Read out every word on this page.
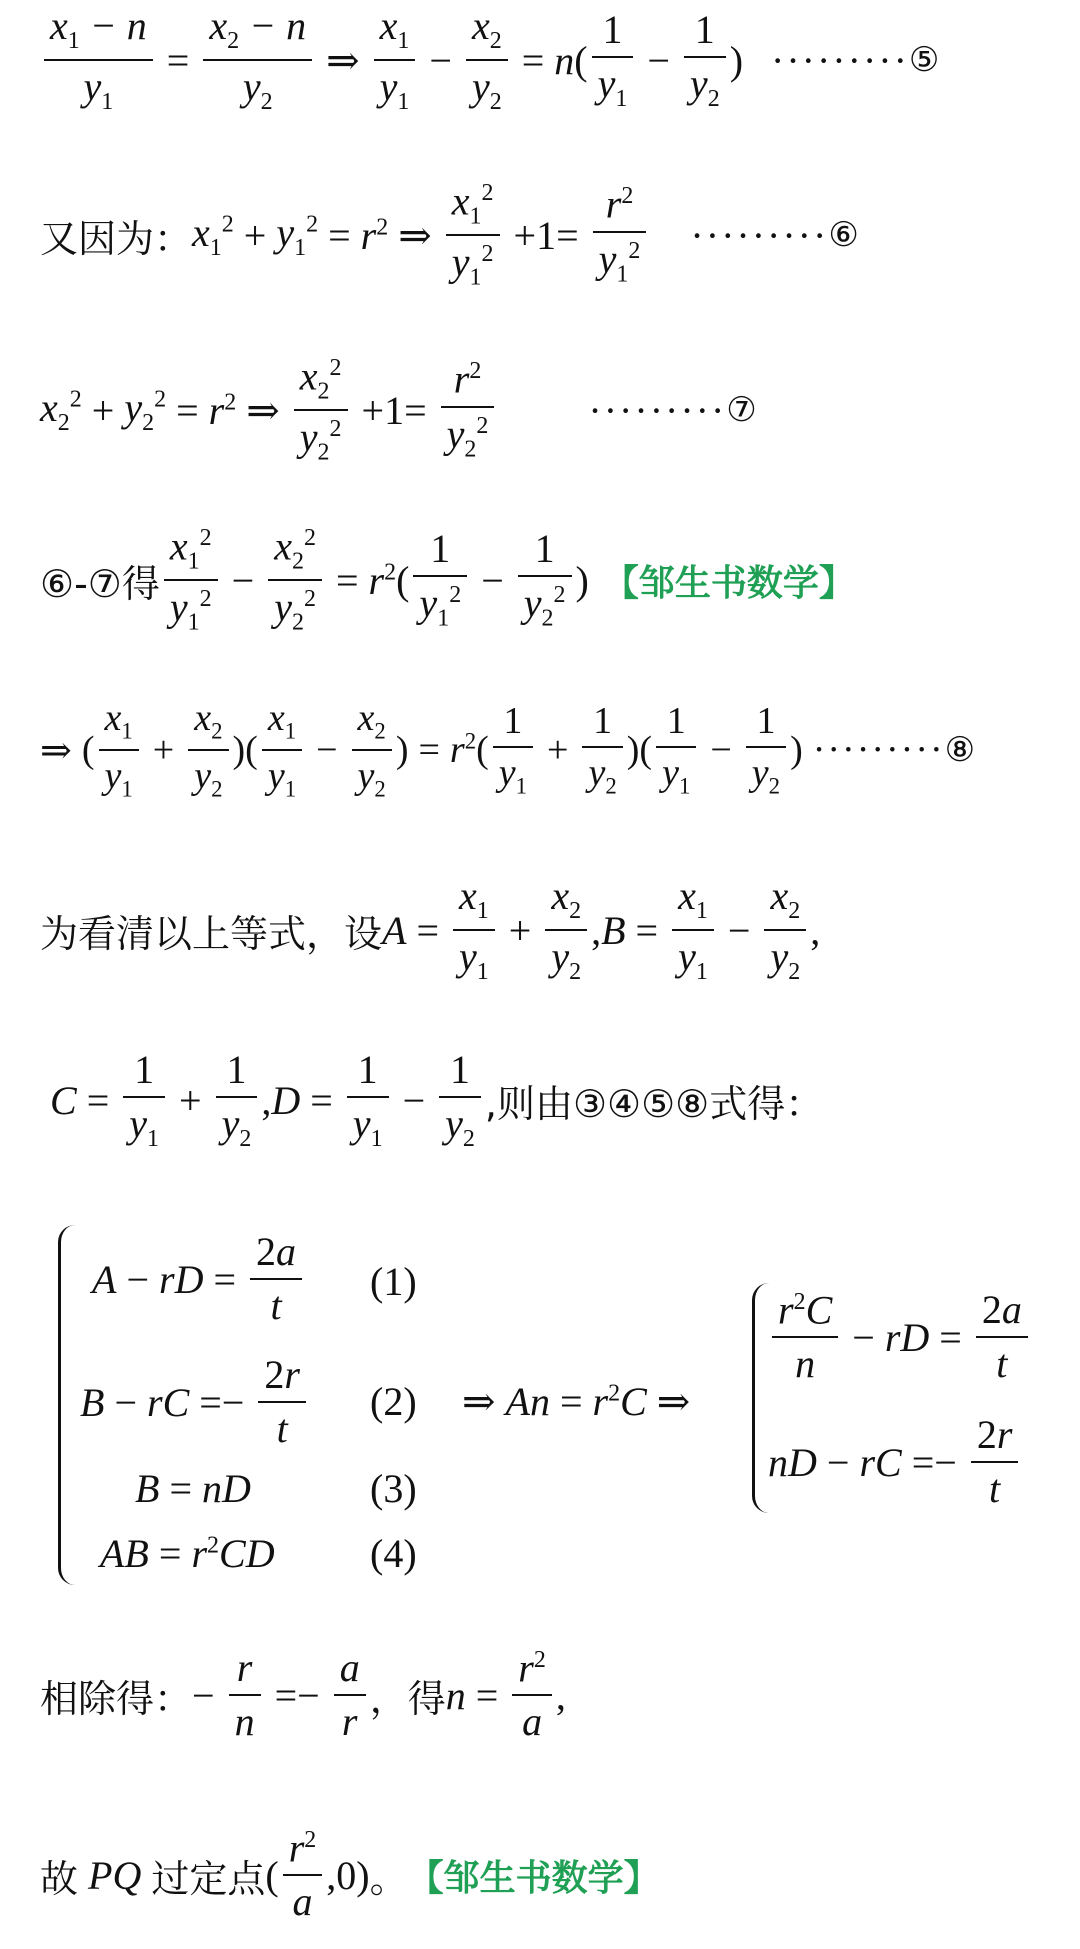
$\frac{x_1 - n}{y_1} = \frac{x_2 - n}{y_2}$ ⇒ $\frac{x_1}{y_1} - \frac{x_2}{y_2} = n$ ( $\frac{1}{y_1} - \frac{1}{y_2}$ ) ········· ⑤
又因为： $x_1^2 + y_1^2 = r^2$ ⇒ $\frac{x_1^2}{y_1^2} +1= \frac{r^2}{y_1^2}$ ········· ⑥
$x_2^2 + y_2^2 = r^2$ ⇒ $\frac{x_2^2}{y_2^2} +1= \frac{r^2}{y_2^2}$ ········· ⑦
⑥-⑦得 $\frac{x_1^2}{y_1^2} - \frac{x_2^2}{y_2^2} = r^2$ ( $\frac{1}{y_1^2} - \frac{1}{y_2^2}$ ) 【邹生书数学】
⇒ ( $\frac{x_1}{y_1} + \frac{x_2}{y_2}$ )( $\frac{x_1}{y_1} - \frac{x_2}{y_2}$ ) = $r^2$ ( $\frac{1}{y_1} + \frac{1}{y_2}$ )( $\frac{1}{y_1} - \frac{1}{y_2}$ ) ········· ⑧
为看清以上等式，设 $A = \frac{x_1}{y_1} + \frac{x_2}{y_2}$ , $B = \frac{x_1}{y_1} - \frac{x_2}{y_2}$ ,
$C = \frac{1}{y_1} + \frac{1}{y_2}$ , $D = \frac{1}{y_1} - \frac{1}{y_2}$ ,则由③④⑤⑧式得：
A − rD = $\frac{2a}{t} (1)$
B − rC =− $\frac{2r}{t} (2)$
B = nD	(3)
AB = $r^2CD$ (4)
⇒ $An = r^2C$ ⇒
$\frac{r^2C}{n}$ − rD = $\frac{2a}{t}$
nD − rC =− $\frac{2r}{t}$
相除得： − $\frac{r}{n} =- \frac{a}{r}$ ，得 $n = \frac{r^2}{a}$ ,
故 PQ 过定点 ( $\frac{r^2}{a} ,0$) 。 【邹生书数学】
